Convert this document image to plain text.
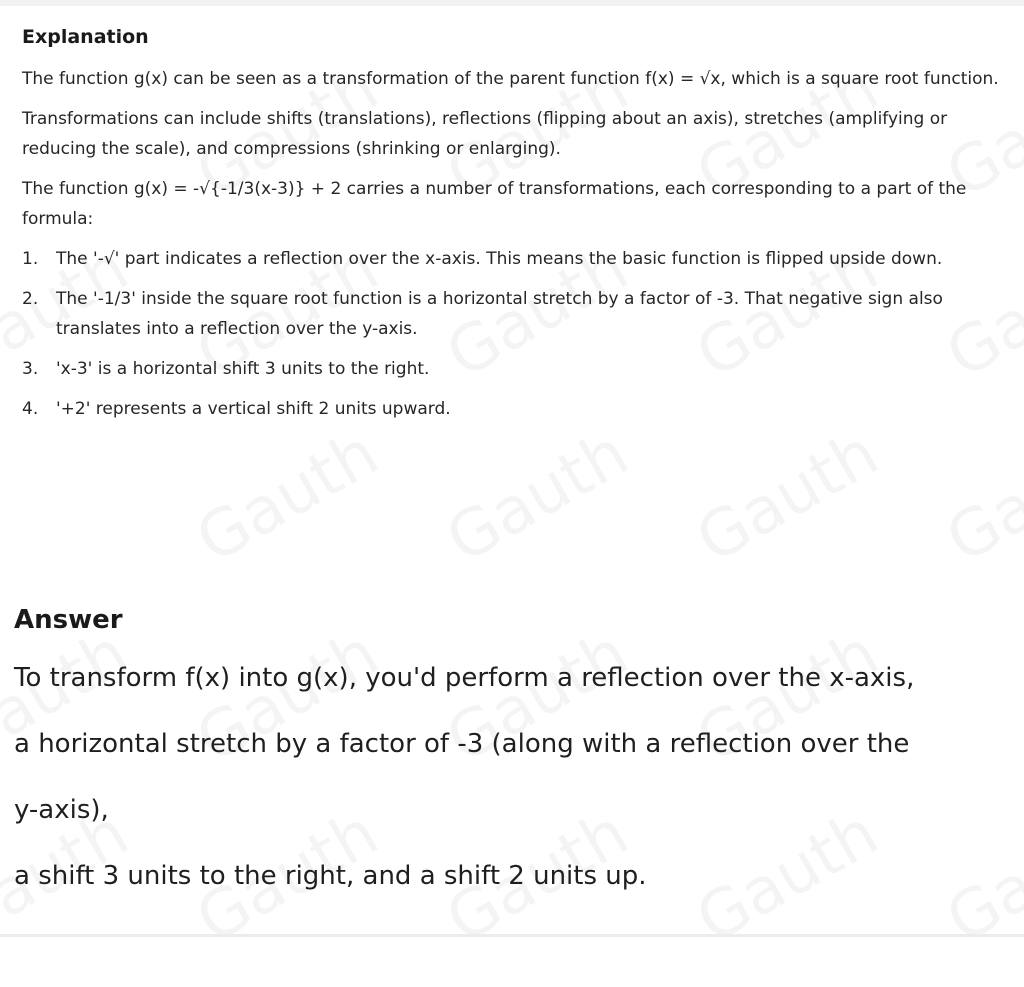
Explanation

The function g(x) can be seen as a transformation of the parent function f(x) = √x, which is a square root function.

Transformations can include shifts (translations), reflections (flipping about an axis), stretches (amplifying or reducing the scale), and compressions (shrinking or enlarging).

The function g(x) = -√{-1/3(x-3)} + 2 carries a number of transformations, each corresponding to a part of the formula:

1.	The '-√' part indicates a reflection over the x-axis. This means the basic function is flipped upside down.
2.	The '-1/3' inside the square root function is a horizontal stretch by a factor of -3. That negative sign also translates into a reflection over the y-axis.
3.	'x-3' is a horizontal shift 3 units to the right.
4.	'+2' represents a vertical shift 2 units upward.
Answer

To transform f(x) into g(x), you'd perform a reflection over the x-axis,

a horizontal stretch by a factor of -3 (along with a reflection over the

y-axis),

a shift 3 units to the right, and a shift 2 units up.
